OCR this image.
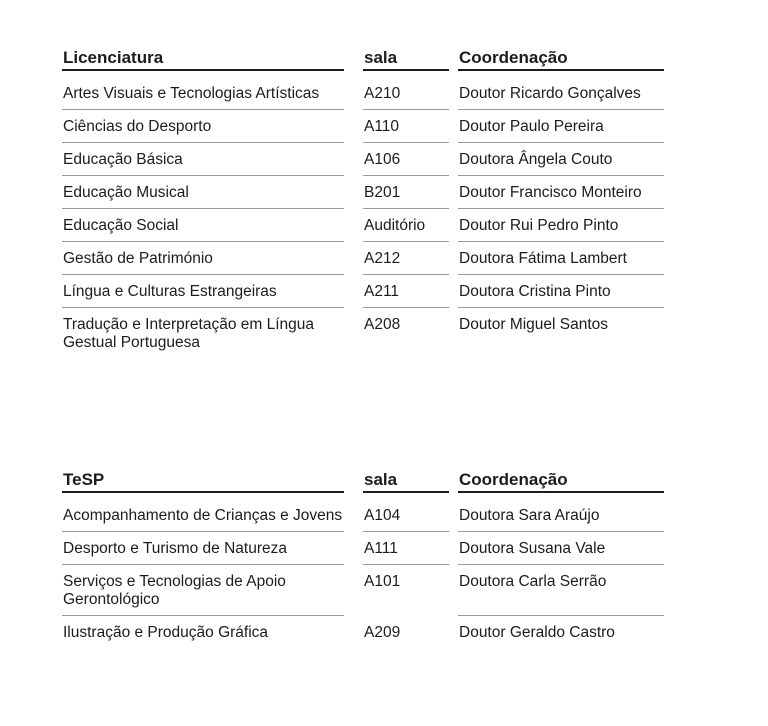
Licenciatura		sala		Coordenação

Artes Visuais e Tecnologias Artísticas		A210		Doutor Ricardo Gonçalves
Ciências do Desporto		A110		Doutor Paulo Pereira
Educação Básica		A106		Doutora Ângela Couto
Educação Musical		B201		Doutor Francisco Monteiro
Educação Social		Auditório		Doutor Rui Pedro Pinto
Gestão de Património		A212		Doutora Fátima Lambert
Língua e Culturas Estrangeiras		A211		Doutora Cristina Pinto
Tradução e Interpretação em Língua Gestual Portuguesa		A208		Doutor Miguel Santos
TeSP		sala		Coordenação

Acompanhamento de Crianças e Jovens		A104		Doutora Sara Araújo
Desporto e Turismo de Natureza		A111		Doutora Susana Vale
Serviços e Tecnologias de Apoio Gerontológico		A101		Doutora Carla Serrão
Ilustração e Produção Gráfica		A209		Doutor Geraldo Castro
